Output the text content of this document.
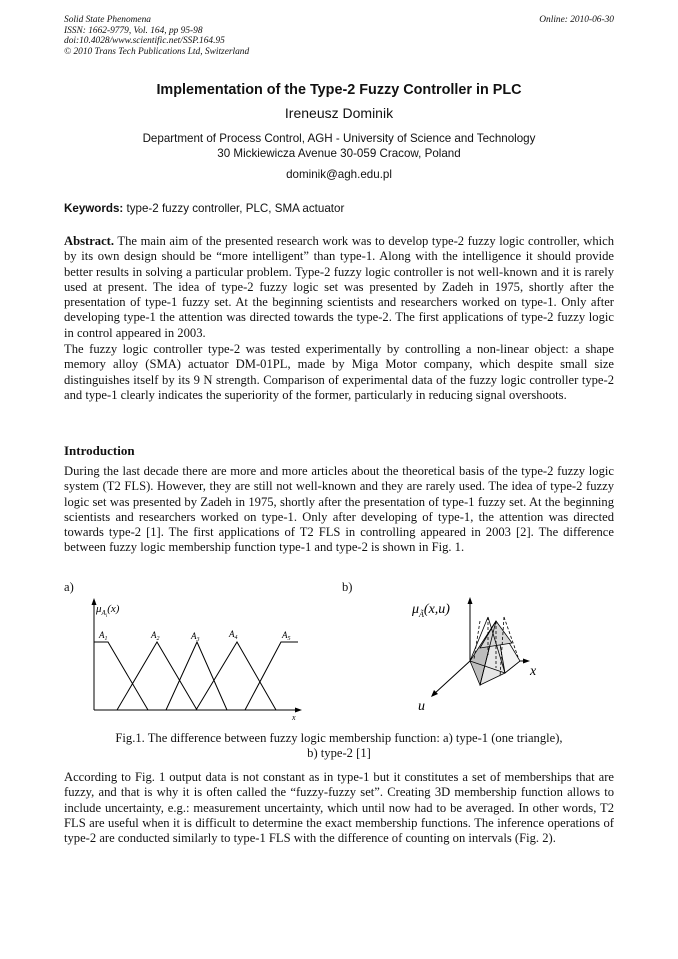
Solid State Phenomena
ISSN: 1662-9779, Vol. 164, pp 95-98
doi:10.4028/www.scientific.net/SSP.164.95
© 2010 Trans Tech Publications Ltd, Switzerland
Online: 2010-06-30
Implementation of the Type-2 Fuzzy Controller in PLC
Ireneusz Dominik
Department of Process Control, AGH - University of Science and Technology
30 Mickiewicza Avenue 30-059 Cracow, Poland
dominik@agh.edu.pl
Keywords: type-2 fuzzy controller, PLC, SMA actuator
Abstract. The main aim of the presented research work was to develop type-2 fuzzy logic controller, which by its own design should be “more intelligent” than type-1. Along with the intelligence it should provide better results in solving a particular problem. Type-2 fuzzy logic controller is not well-known and it is rarely used at present. The idea of type-2 fuzzy logic set was presented by Zadeh in 1975, shortly after the presentation of type-1 fuzzy set. At the beginning scientists and researchers worked on type-1. Only after developing type-1 the attention was directed towards the type-2. The first applications of type-2 fuzzy logic in control appeared in 2003.
The fuzzy logic controller type-2 was tested experimentally by controlling a non-linear object: a shape memory alloy (SMA) actuator DM-01PL, made by Miga Motor company, which despite small size distinguishes itself by its 9 N strength. Comparison of experimental data of the fuzzy logic controller type-2 and type-1 clearly indicates the superiority of the former, particularly in reducing signal overshoots.
Introduction
During the last decade there are more and more articles about the theoretical basis of the type-2 fuzzy logic system (T2 FLS). However, they are still not well-known and they are rarely used. The idea of type-2 fuzzy logic set was presented by Zadeh in 1975, shortly after the presentation of type-1 fuzzy set. At the beginning scientists and researchers worked on type-1. Only after developing of type-1, the attention was directed towards type-2 [1]. The first applications of T2 FLS in controlling appeared in 2003 [2]. The difference between fuzzy logic membership function type-1 and type-2 is shown in Fig. 1.
a)	b)
$\mu_Ai(x)$
$A_1$	$A_2$	$A_3$
$A_4$	$A_5$
x
$\mu_Ã(x,u)$
x
u
Fig.1. The difference between fuzzy logic membership function: a) type-1 (one triangle),
b) type-2 [1]
According to Fig. 1 output data is not constant as in type-1 but it constitutes a set of memberships that are fuzzy, and that is why it is often called the “fuzzy-fuzzy set”. Creating 3D membership function allows to include uncertainty, e.g.: measurement uncertainty, which until now had to be averaged. In other words, T2 FLS are useful when it is difficult to determine the exact membership functions. The inference operations of type-2 are conducted similarly to type-1 FLS with the difference of counting on intervals (Fig. 2).
